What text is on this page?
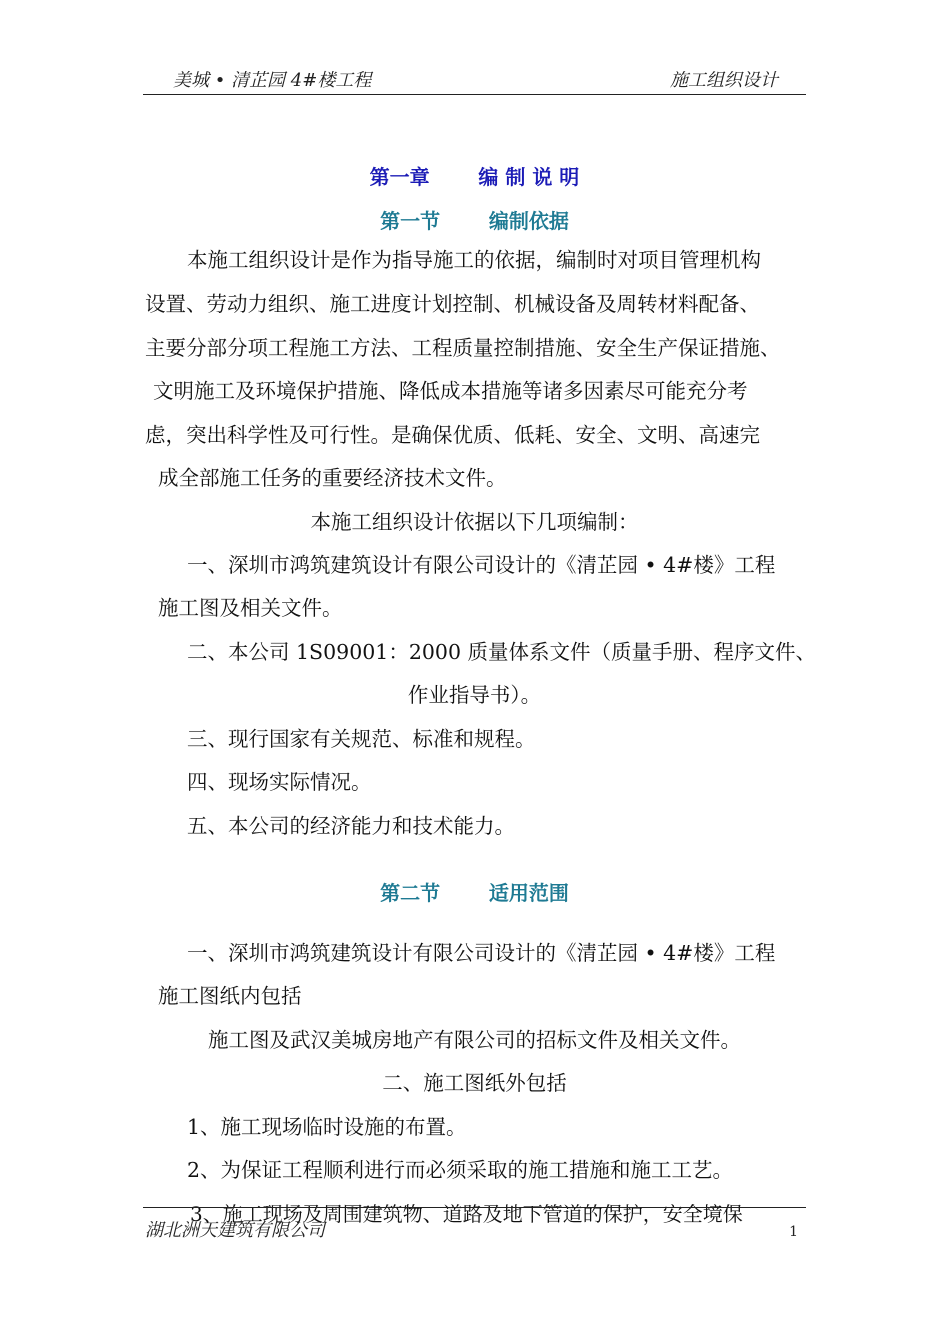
美城 • 清芷园 4#楼工程	施工组织设计
第一章       编 制 说 明
第一节       编制依据
本施工组织设计是作为指导施工的依据，编制时对项目管理机构
设置、劳动力组织、施工进度计划控制、机械设备及周转材料配备、
主要分部分项工程施工方法、工程质量控制措施、安全生产保证措施、
文明施工及环境保护措施、降低成本措施等诸多因素尽可能充分考
虑，突出科学性及可行性。是确保优质、低耗、安全、文明、高速完
成全部施工任务的重要经济技术文件。
本施工组织设计依据以下几项编制：
一、深圳市鸿筑建筑设计有限公司设计的《清芷园 • 4#楼》工程
施工图及相关文件。
二、本公司 1S09001：2000 质量体系文件（质量手册、程序文件、
作业指导书）。
三、现行国家有关规范、标准和规程。
四、现场实际情况。
五、本公司的经济能力和技术能力。
第二节       适用范围
一、深圳市鸿筑建筑设计有限公司设计的《清芷园 • 4#楼》工程
施工图纸内包括
施工图及武汉美城房地产有限公司的招标文件及相关文件。
二、施工图纸外包括
1、施工现场临时设施的布置。
2、为保证工程顺利进行而必须采取的施工措施和施工工艺。
3、施工现场及周围建筑物、道路及地下管道的保护，安全境保
湖北洲天建筑有限公司	1
